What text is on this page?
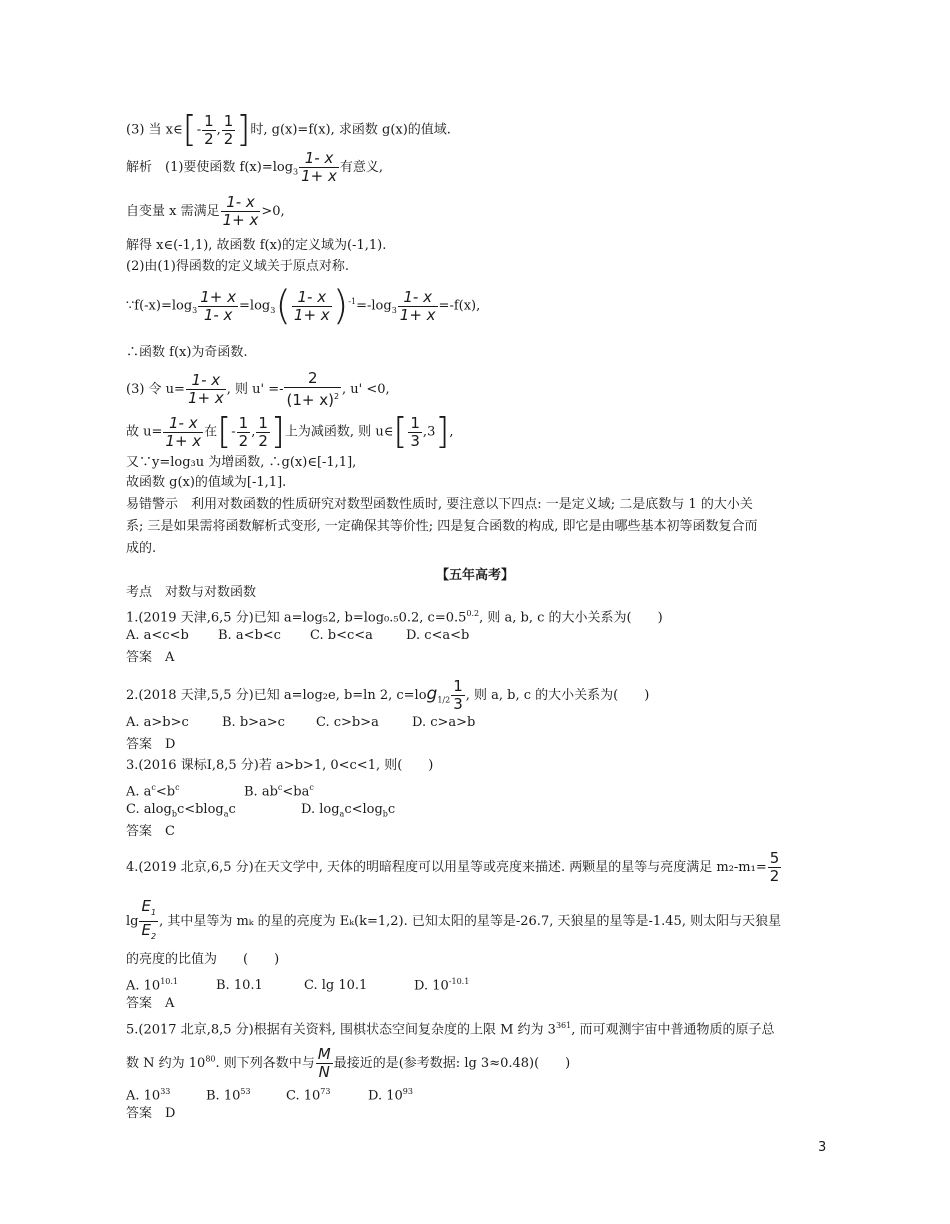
(3) 当 x∈[- $\frac{1}{2}$ , $\frac{1}{2}$ ]时, g(x)=f(x), 求函数 g(x)的值域.
解析　(1)要使函数 $f(x)=\log_3 \frac{1- x}{1+ x}$ 有意义,
自变量 x 需满足 $\frac{1- x}{1+ x} >0$,
解得 x∈(-1,1), 故函数 f(x)的定义域为(-1,1).
(2)由(1)得函数的定义域关于原点对称.
$\because f(-x)=\log_3 \frac{1+ x}{1- x} =\log_3( \frac{1- x}{1+ x} )^{-1}=-\log_3 \frac{1- x}{1+ x} =-f(x)$,
∴函数 f(x)为奇函数.
(3) 令 $u= \frac{1- x}{1+ x}$ , 则 $u' =- \frac{2}{(1+ x)^2}$ , u' <0,
故 $u= \frac{1- x}{1+ x}$ 在[- $\frac{1}{2}$ , $\frac{1}{2}$ ]上为减函数, 则 u∈[ $\frac{1}{3} ,3$],
又∵y=log₃u 为增函数, ∴g(x)∈[-1,1],
故函数 g(x)的值域为[-1,1].
易错警示　利用对数函数的性质研究对数型函数性质时, 要注意以下四点: 一是定义域; 二是底数与 1 的大小关
系; 三是如果需将函数解析式变形, 一定确保其等价性; 四是复合函数的构成, 即它是由哪些基本初等函数复合而
成的.
【五年高考】
考点　对数与对数函数
1.(2019 天津,6,5 分)已知 a=log₅2, b=log₀.₅0.2, $c=0.5^{0.2}$, 则 a, b, c 的大小关系为(　　)
A. a<c<b B. a<b<c C. b<c<a	D. c<a<b
答案　A
2.(2018 天津,5,5 分)已知 a=log₂e, b=ln 2, $c=\log_{1/2} \frac{1}{3}$ , 则 a, b, c 的大小关系为(　　)
A. a>b>c	B. b>a>c C. c>b>a	D. c>a>b
答案　D
3.(2016 课标Ⅰ,8,5 分)若 a>b>1, 0<c<1, 则(　　)
A. $a^c<b^c$	B. $ab^c<ba^c$
C. alog$_b$c<blog$_a$c	D. $\log_ac<\log_bc$
答案　C
4.(2019 北京,6,5 分)在天文学中, 天体的明暗程度可以用星等或亮度来描述. 两颗星的星等与亮度满足 $m_2-m_1= \frac{5}{2}$
$\lg \frac{E_1}{E_2}$ , 其中星等为 mₖ 的星的亮度为 Eₖ(k=1,2). 已知太阳的星等是-26.7, 天狼星的星等是-1.45, 则太阳与天狼星
的亮度的比值为　　(　　)
A. $10^{10.1}$	B. 10.1	C. lg 10.1	D. $10^{-10.1}$
答案　A
5.(2017 北京,8,5 分)根据有关资料, 围棋状态空间复杂度的上限 M 约为 $3^{361}$, 而可观测宇宙中普通物质的原子总
数 N 约为 $10^{80}$. 则下列各数中与 $\frac{M}{N}$ 最接近的是(参考数据: lg 3≈0.48)(　　)
A. $10^{33}$	B. $10^{53}$	C. $10^{73}$	D. $10^{93}$
答案　D
3
